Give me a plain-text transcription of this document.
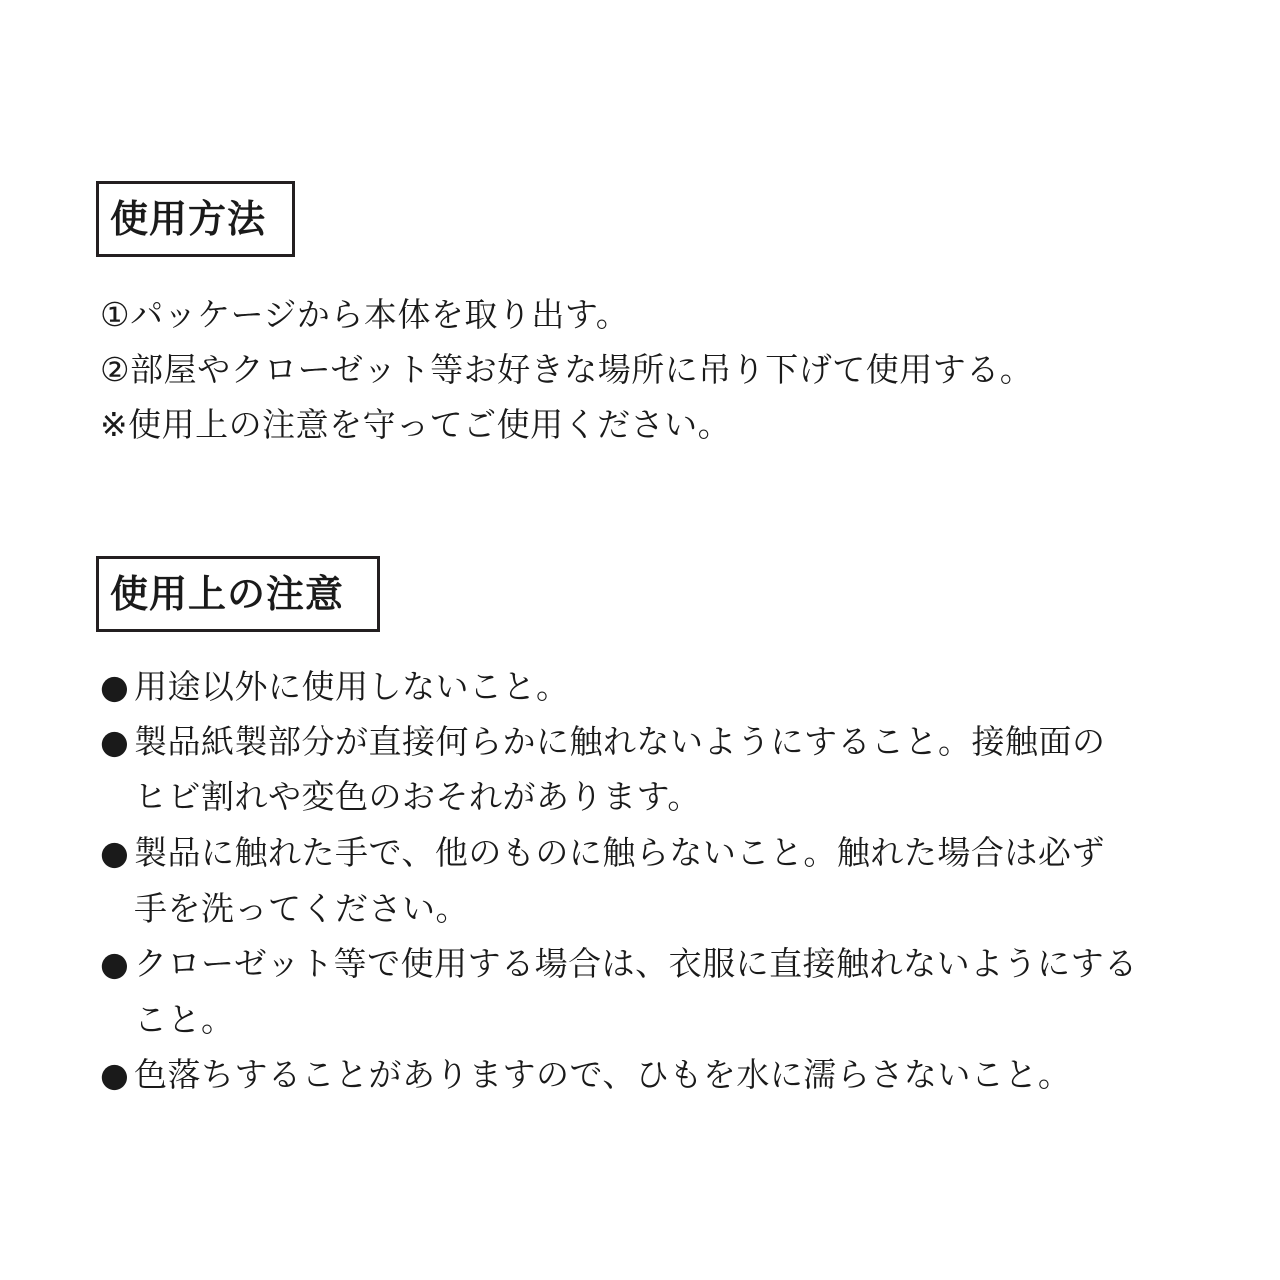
使用方法
①パッケージから本体を取り出す。
②部屋やクローゼット等お好きな場所に吊り下げて使用する。
※使用上の注意を守ってご使用ください。
使用上の注意
● 用途以外に使用しないこと。
● 製品紙製部分が直接何らかに触れないようにすること。接触面の
ヒビ割れや変色のおそれがあります。
● 製品に触れた手で、他のものに触らないこと。触れた場合は必ず
手を洗ってください。
● クローゼット等で使用する場合は、衣服に直接触れないようにする
こと。
● 色落ちすることがありますので、ひもを水に濡らさないこと。
